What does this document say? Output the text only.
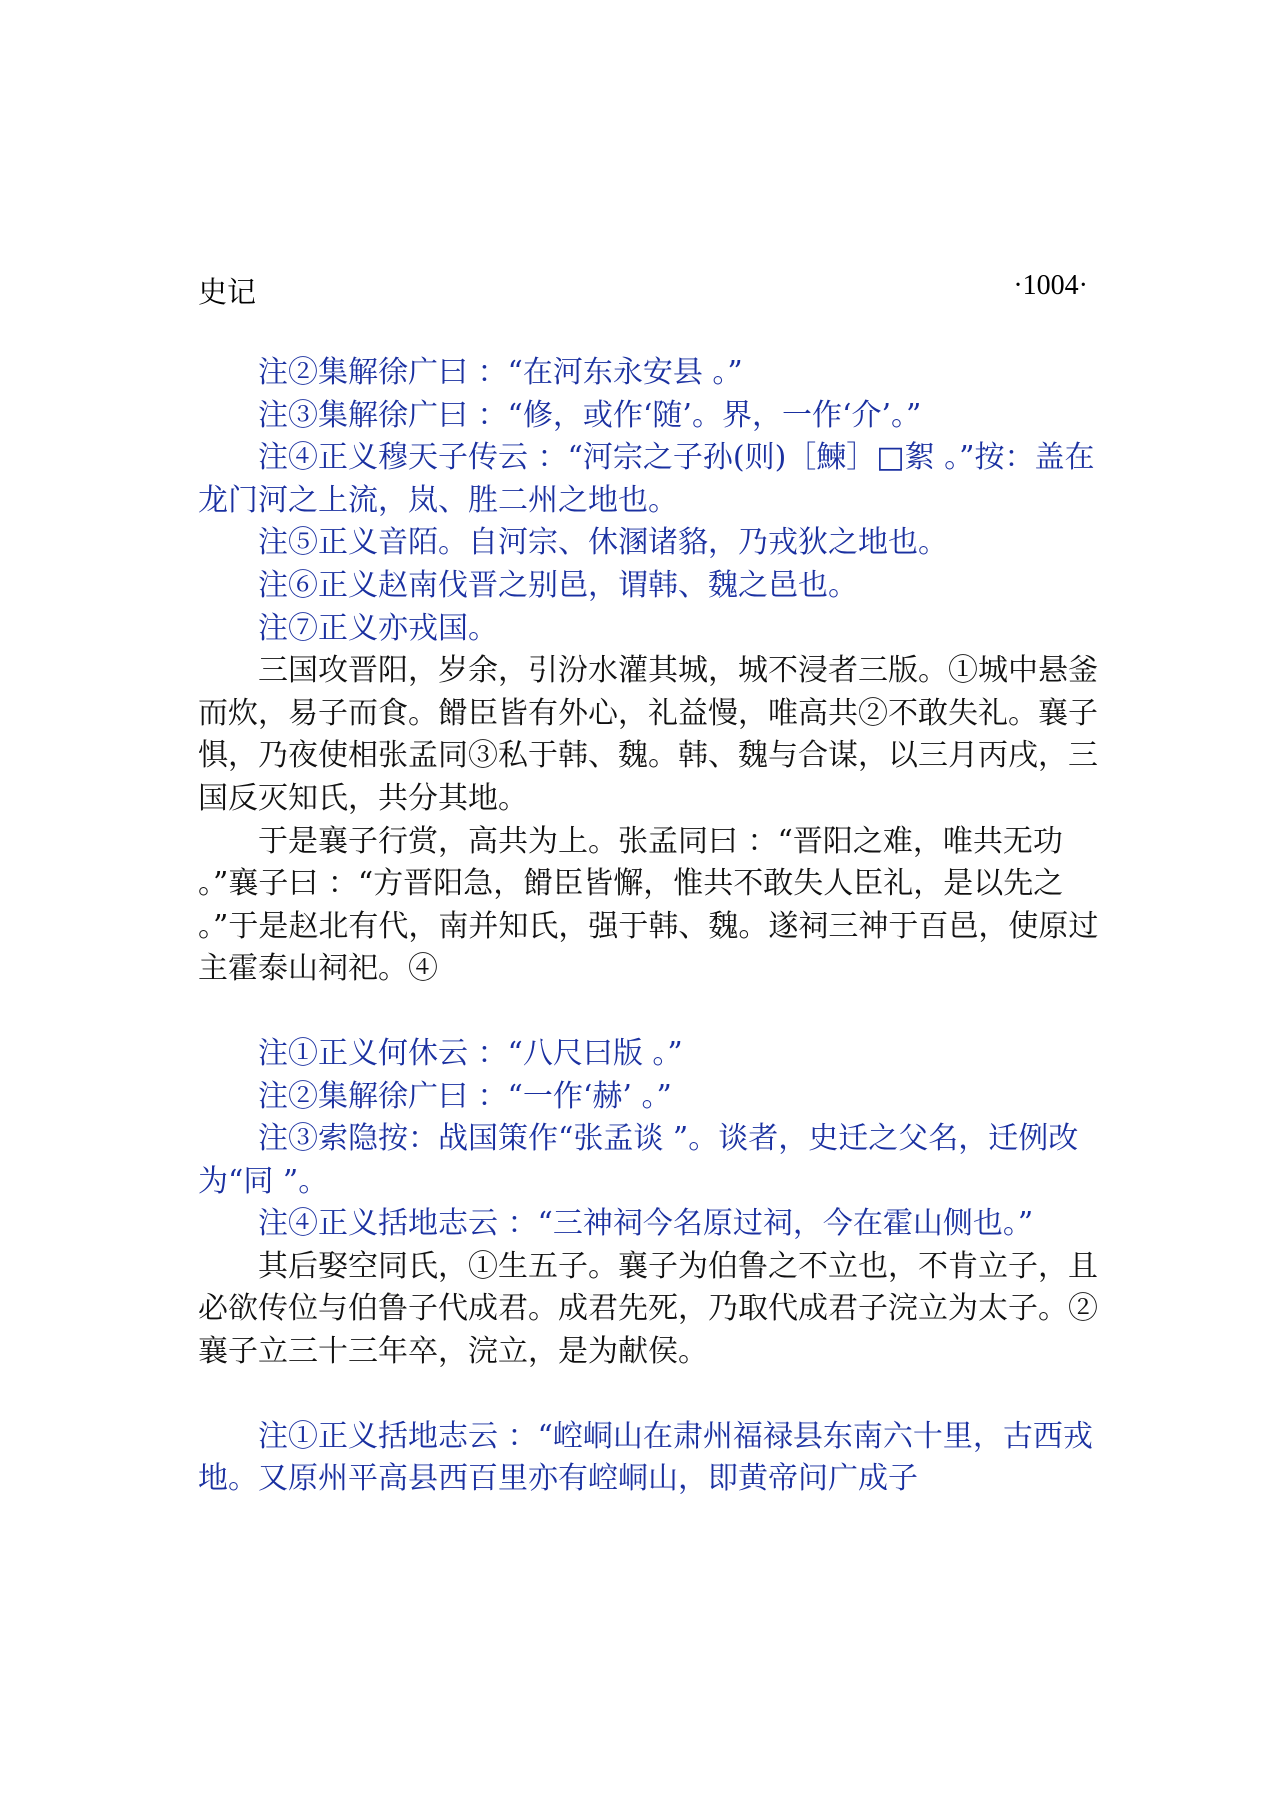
史记	·1004·

注②集解徐广曰 ：“在河东永安县 。”

注③集解徐广曰 ：“修，或作‘随’。界，一作‘介’。”

注④正义穆天子传云 ：“河宗之子孙(则)［鰊］□絮 。”按：盖在龙门河之上流，岚、胜二州之地也。

注⑤正义音陌。自河宗、休溷诸貉，乃戎狄之地也。

注⑥正义赵南伐晋之别邑，谓韩、魏之邑也。

注⑦正义亦戎国。

三国攻晋阳，岁余，引汾水灌其城，城不浸者三版。①城中悬釜而炊，易子而食。餶臣皆有外心，礼益慢，唯高共②不敢失礼。襄子惧，乃夜使相张孟同③私于韩、魏。韩、魏与合谋，以三月丙戌，三国反灭知氏，共分其地。

于是襄子行赏，高共为上。张孟同曰 ：“晋阳之难，唯共无功 。”襄子曰 ：“方晋阳急，餶臣皆懈，惟共不敢失人臣礼，是以先之 。”于是赵北有代，南并知氏，强于韩、魏。遂祠三神于百邑，使原过主霍泰山祠祀。④

注①正义何休云 ：“八尺曰版 。”

注②集解徐广曰 ：“一作‘赫’ 。”

注③索隐按：战国策作“张孟谈 ”。谈者，史迁之父名，迁例改为“同 ”。

注④正义括地志云 ：“三神祠今名原过祠，今在霍山侧也。”

其后娶空同氏，①生五子。襄子为伯鲁之不立也，不肯立子，且必欲传位与伯鲁子代成君。成君先死，乃取代成君子浣立为太子。②襄子立三十三年卒，浣立，是为献侯。

注①正义括地志云 ：“崆峒山在肃州福禄县东南六十里，古西戎地。又原州平高县西百里亦有崆峒山，即黄帝问广成子
